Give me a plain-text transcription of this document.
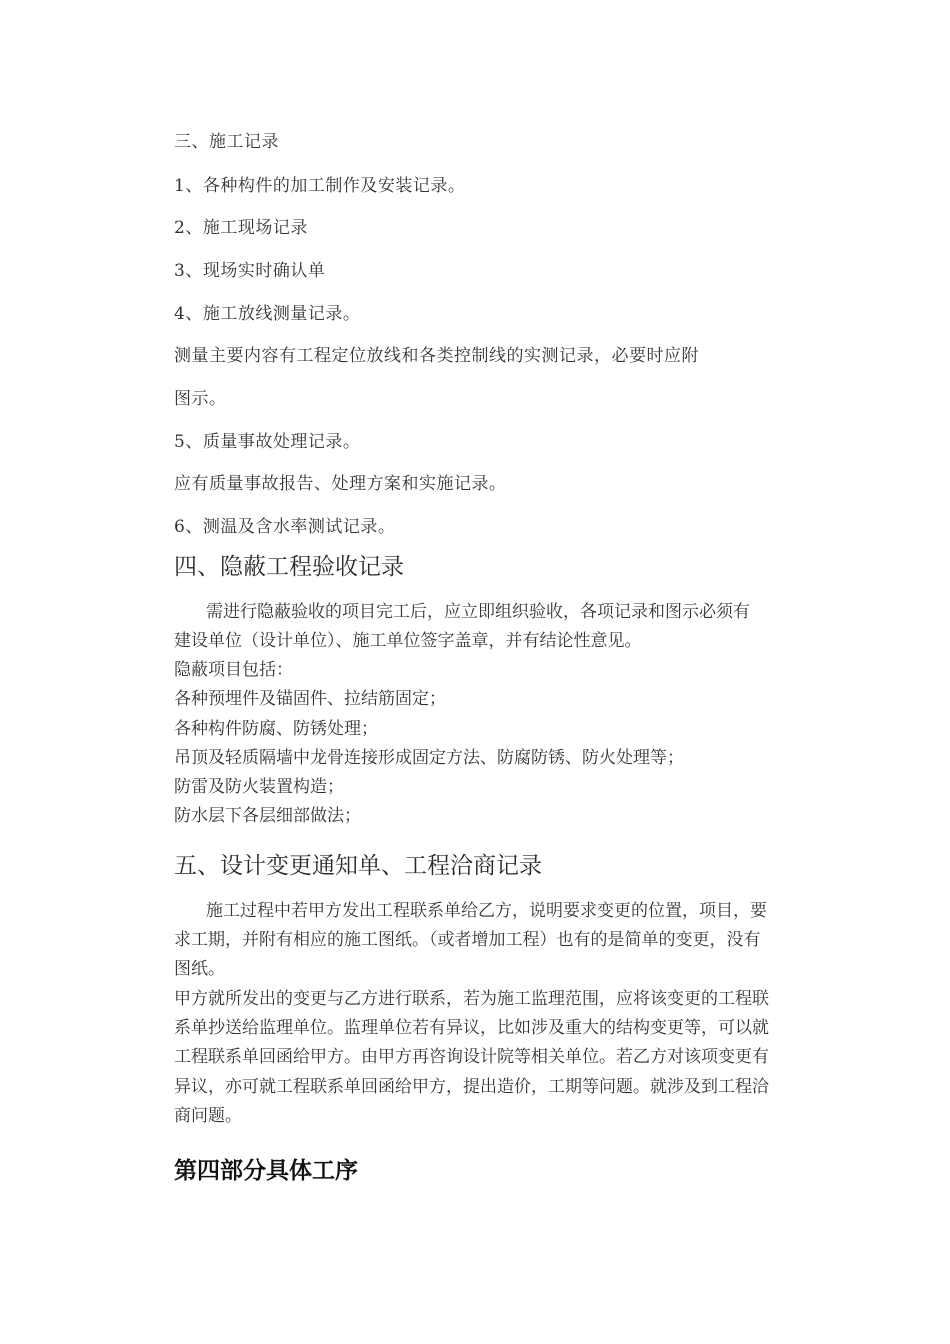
三、施工记录

1、各种构件的加工制作及安装记录。

2、施工现场记录

3、现场实时确认单

4、施工放线测量记录。

测量主要内容有工程定位放线和各类控制线的实测记录，必要时应附

图示。

5、质量事故处理记录。

应有质量事故报告、处理方案和实施记录。

6、测温及含水率测试记录。

四、隐蔽工程验收记录

需进行隐蔽验收的项目完工后，应立即组织验收，各项记录和图示必须有

建设单位（设计单位）、施工单位签字盖章，并有结论性意见。

隐蔽项目包括：

各种预埋件及锚固件、拉结筋固定；

各种构件防腐、防锈处理；

吊顶及轻质隔墙中龙骨连接形成固定方法、防腐防锈、防火处理等；

防雷及防火装置构造；

防水层下各层细部做法；

五、设计变更通知单、工程洽商记录

施工过程中若甲方发出工程联系单给乙方，说明要求变更的位置，项目，要

求工期，并附有相应的施工图纸。（或者增加工程）也有的是简单的变更，没有

图纸。

甲方就所发出的变更与乙方进行联系，若为施工监理范围，应将该变更的工程联

系单抄送给监理单位。监理单位若有异议，比如涉及重大的结构变更等，可以就

工程联系单回函给甲方。由甲方再咨询设计院等相关单位。若乙方对该项变更有

异议，亦可就工程联系单回函给甲方，提出造价，工期等问题。就涉及到工程洽

商问题。

第四部分具体工序
